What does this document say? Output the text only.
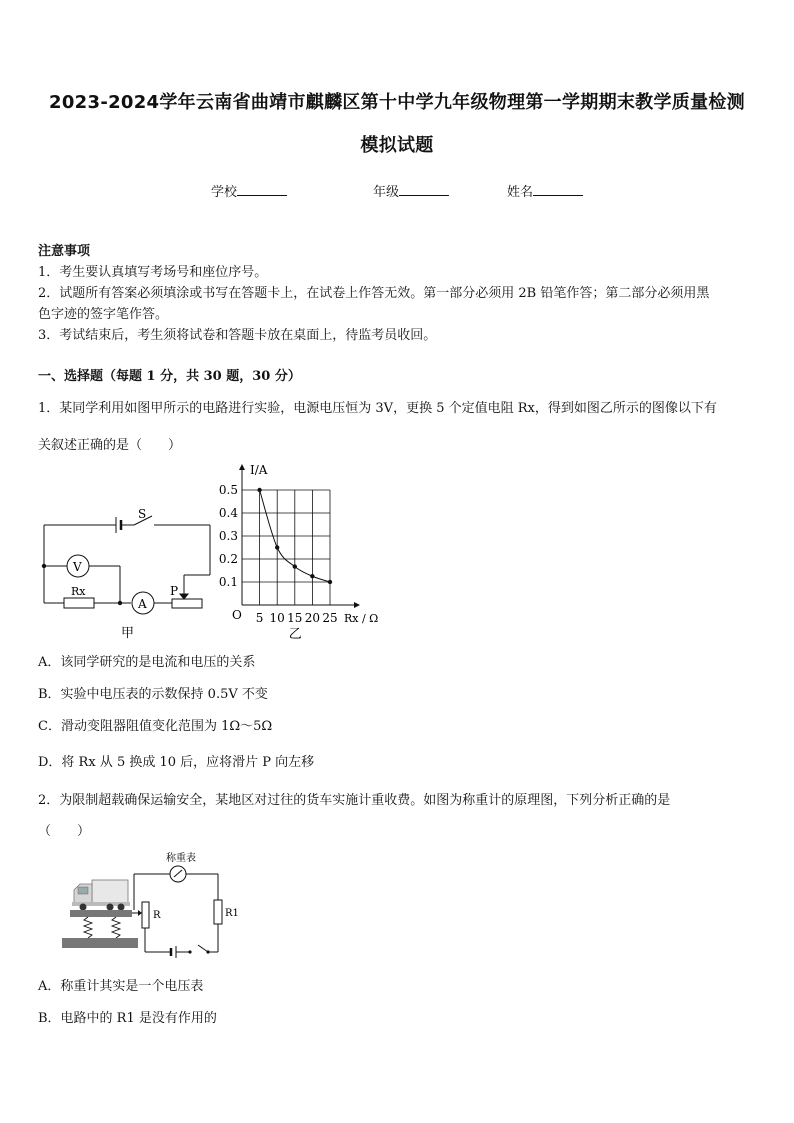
2023-2024学年云南省曲靖市麒麟区第十中学九年级物理第一学期期末教学质量检测
模拟试题
学校	年级	姓名
注意事项
1．考生要认真填写考场号和座位序号。
2．试题所有答案必须填涂或书写在答题卡上，在试卷上作答无效。第一部分必须用 2B 铅笔作答；第二部分必须用黑
色字迹的签字笔作答。
3．考试结束后，考生须将试卷和答题卡放在桌面上，待监考员收回。
一、选择题（每题 1 分，共 30 题，30 分）
1．某同学利用如图甲所示的电路进行实验，电源电压恒为 3V，更换 5 个定值电阻 Rx，得到如图乙所示的图像以下有
关叙述正确的是（　　）
S
V
A
Rx	P
甲
5 10 15 20 25
0.1
0.2
0.3
0.4
0.5
I/A
Rx / Ω
O
乙
A．该同学研究的是电流和电压的关系
B．实验中电压表的示数保持 0.5V 不变
C．滑动变阻器阻值变化范围为 1Ω～5Ω
D．将 Rx 从 5 换成 10 后，应将滑片 P 向左移
2．为限制超载确保运输安全，某地区对过往的货车实施计重收费。如图为称重计的原理图，下列分析正确的是
（　　）
R
称重表
R1
A．称重计其实是一个电压表
B．电路中的 R1 是没有作用的
